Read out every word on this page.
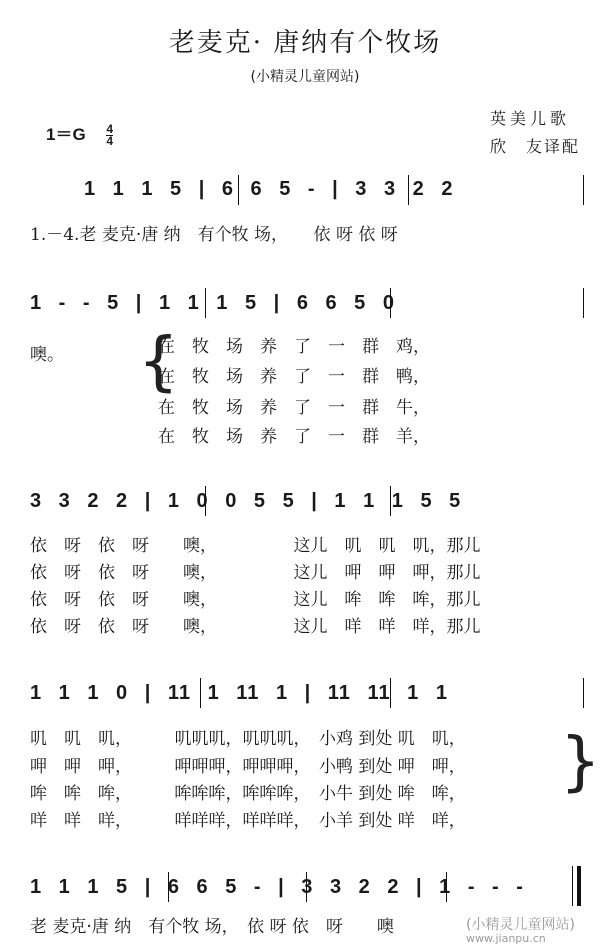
老麦克· 唐纳有个牧场
(小精灵儿童网站)
1＝G 4
4
英美儿歌
欣　友译配
1 1 1 5 | 6 6 5 - | 3 3 2 2
1.－4.老 麦克·唐 纳　有个牧 场，　　依 呀 依 呀
1 - - 5 | 1 1 1 5 | 6 6 5 0
噢。 {
在　牧　场　养　了　一　群　鸡，
在　牧　场　养　了　一　群　鸭，
在　牧　场　养　了　一　群　牛，
在　牧　场　养　了　一　群　羊，
3 3 2 2 | 1 0 0 5 5 | 1 1 1 5 5
依　呀　依　呀　　噢，　　　　　这儿　叽　叽　叽，那儿
依　呀　依　呀　　噢，　　　　　这儿　呷　呷　呷，那儿
依　呀　依　呀　　噢，　　　　　这儿　哞　哞　哞，那儿
依　呀　依　呀　　噢，　　　　　这儿　咩　咩　咩，那儿
1 1 1 0 | 11 1 11 1 | 11 11 1 1
叽　叽　叽，　　　叽叽叽，叽叽叽，　小鸡 到处 叽　叽，
呷　呷　呷，　　　呷呷呷，呷呷呷，　小鸭 到处 呷　呷，
哞　哞　哞，　　　哞哞哞，哞哞哞，　小牛 到处 哞　哞，
咩　咩　咩，　　　咩咩咩，咩咩咩，　小羊 到处 咩　咩，
{
1 1 1 5 | 6 6 5 - | 3 3 2 2 | 1 - - -
老 麦克·唐 纳　有个牧 场，　依 呀 依　呀　　噢	(小精灵儿童网站)
www.jianpu.cn
